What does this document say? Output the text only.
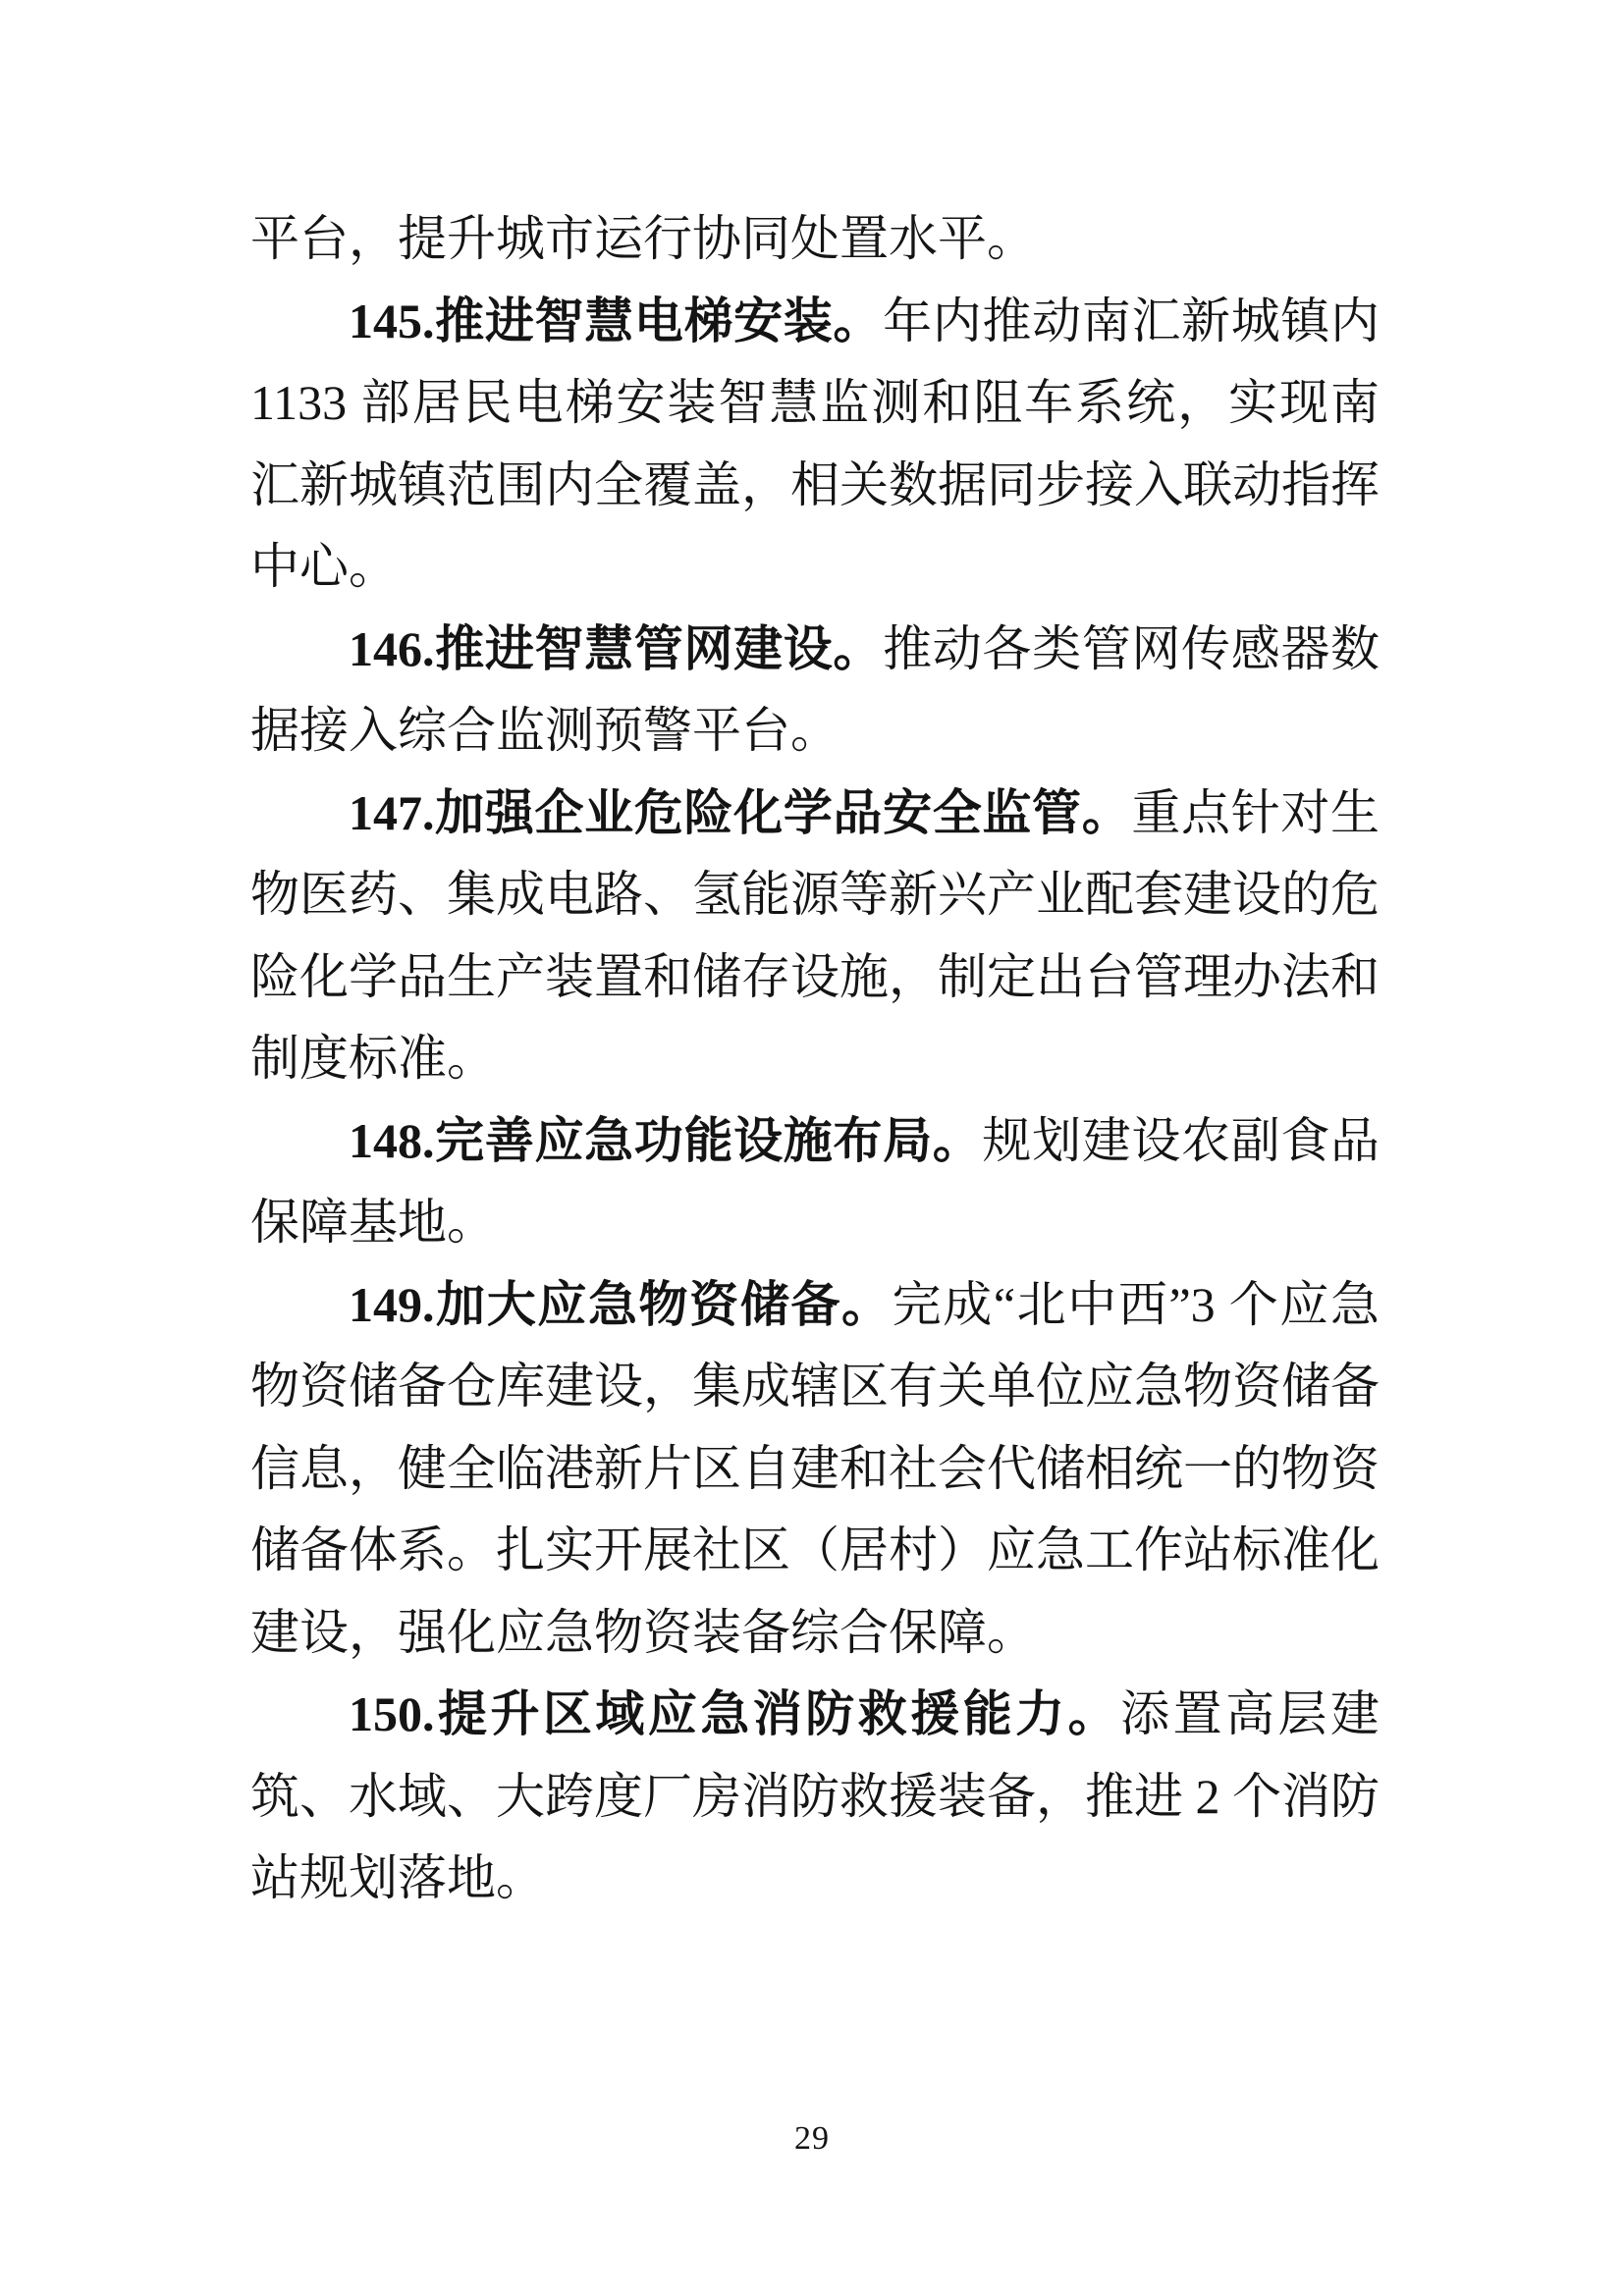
平台，提升城市运行协同处置水平。

145.推进智慧电梯安装。年内推动南汇新城镇内 1133 部居民电梯安装智慧监测和阻车系统，实现南汇新城镇范围内全覆盖，相关数据同步接入联动指挥中心。

146.推进智慧管网建设。推动各类管网传感器数据接入综合监测预警平台。

147.加强企业危险化学品安全监管。重点针对生物医药、集成电路、氢能源等新兴产业配套建设的危险化学品生产装置和储存设施，制定出台管理办法和制度标准。

148.完善应急功能设施布局。规划建设农副食品保障基地。

149.加大应急物资储备。完成“北中西”3 个应急物资储备仓库建设，集成辖区有关单位应急物资储备信息，健全临港新片区自建和社会代储相统一的物资储备体系。扎实开展社区（居村）应急工作站标准化建设，强化应急物资装备综合保障。

150.提升区域应急消防救援能力。添置高层建筑、水域、大跨度厂房消防救援装备，推进 2 个消防站规划落地。

29
